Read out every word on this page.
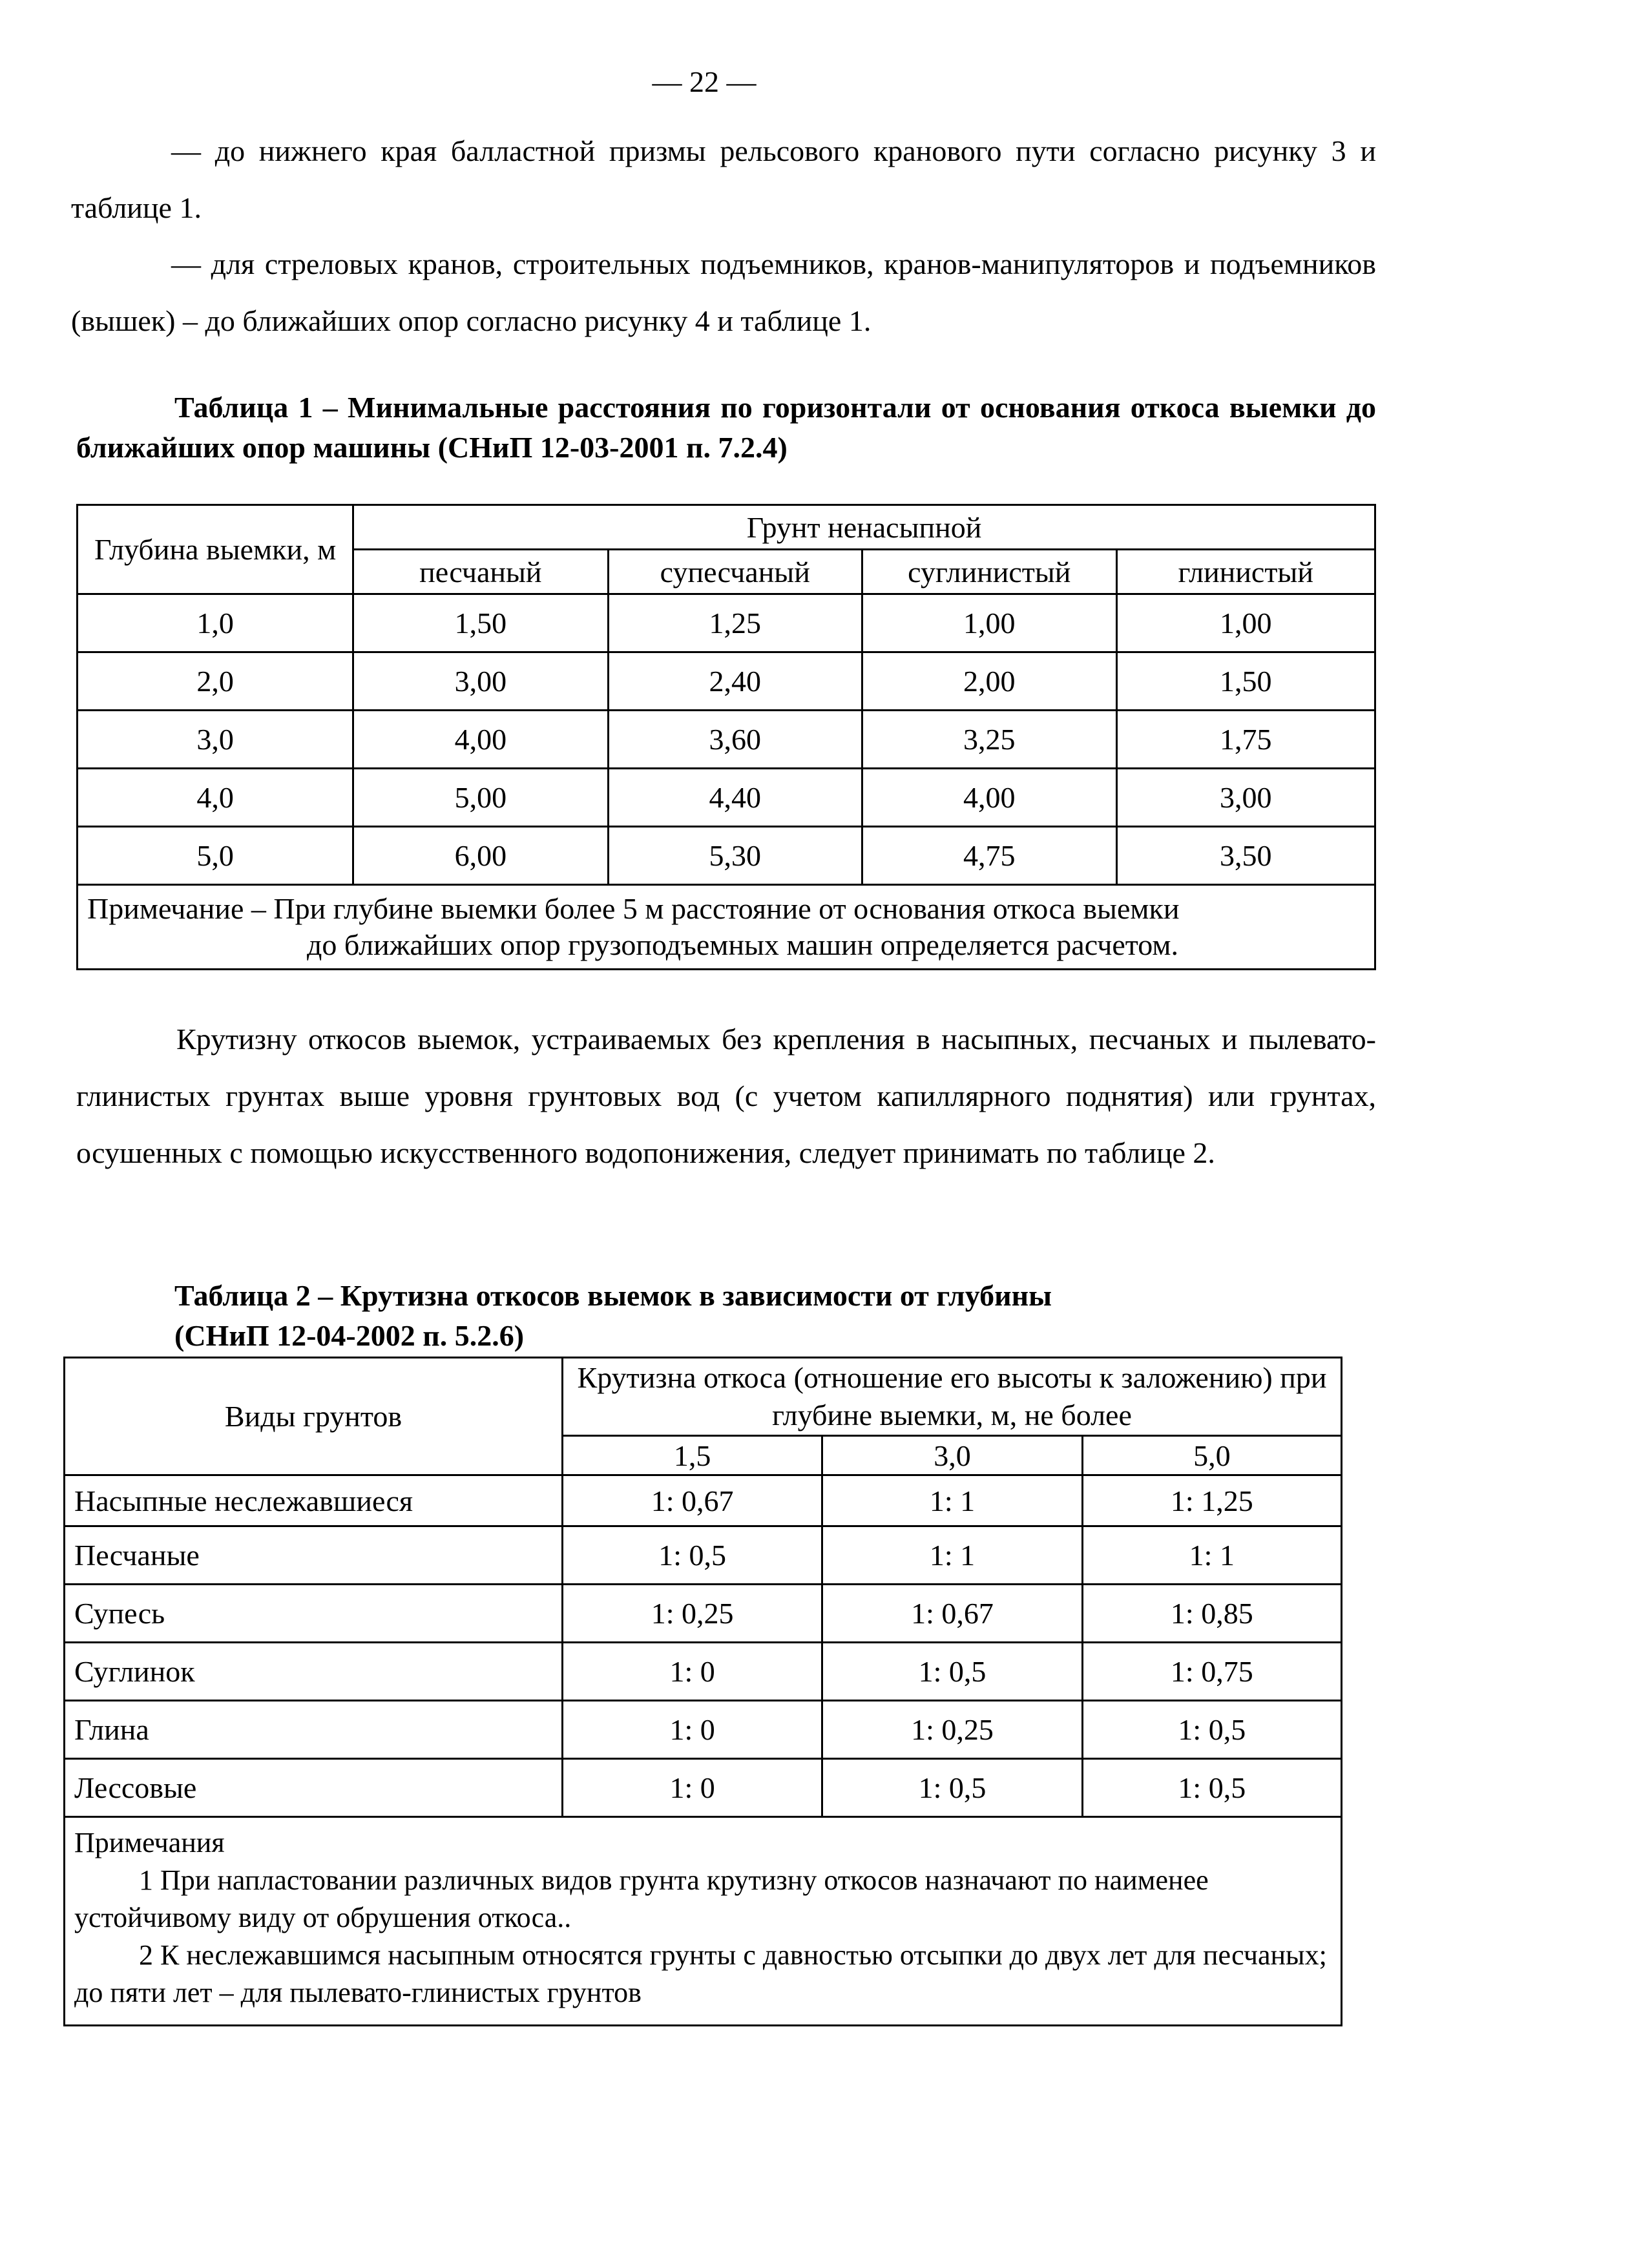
— 22 —
— до нижнего края балластной призмы рельсового кранового пути согласно рисунку 3 и таблице 1.
— для стреловых кранов, строительных подъемников, кранов-манипуляторов и подъемников (вышек) – до ближайших опор согласно рисунку 4 и таблице 1.
Таблица 1 – Минимальные расстояния по горизонтали от основания откоса выемки до ближайших опор машины (СНиП 12-03-2001 п. 7.2.4)
Глубина выемки, м	Грунт ненасыпной			
	песчаный	супесчаный	суглинистый	глинистый
1,0	1,50	1,25	1,00	1,00
2,0	3,00	2,40	2,00	1,50
3,0	4,00	3,60	3,25	1,75
4,0	5,00	4,40	4,00	3,00
5,0	6,00	5,30	4,75	3,50

Примечание – При глубине выемки более 5 м расстояние от основания откоса выемки
до ближайших опор грузоподъемных машин определяется расчетом.				
Крутизну откосов выемок, устраиваемых без крепления в насыпных, песчаных и пылевато-глинистых грунтах выше уровня грунтовых вод (с учетом капиллярного поднятия) или грунтах, осушенных с помощью искусственного водопонижения, следует принимать по таблице 2.
Таблица 2 – Крутизна откосов выемок в зависимости от глубины
(СНиП 12-04-2002 п. 5.2.6)
Виды грунтов	Крутизна откоса (отношение его высоты к заложению) при глубине выемки, м, не более		
	1,5	3,0	5,0
Насыпные неслежавшиеся	1: 0,67	1: 1	1: 1,25
Песчаные	1: 0,5	1: 1	1: 1
Супесь	1: 0,25	1: 0,67	1: 0,85
Суглинок	1: 0	1: 0,5	1: 0,75
Глина	1: 0	1: 0,25	1: 0,5
Лессовые	1: 0	1: 0,5	1: 0,5

Примечания
1 При напластовании различных видов грунта крутизну откосов назначают по наименее устойчивому виду от обрушения откоса..
2 К неслежавшимся насыпным относятся грунты с давностью отсыпки до двух лет для песчаных; до пяти лет – для пылевато-глинистых грунтов			
